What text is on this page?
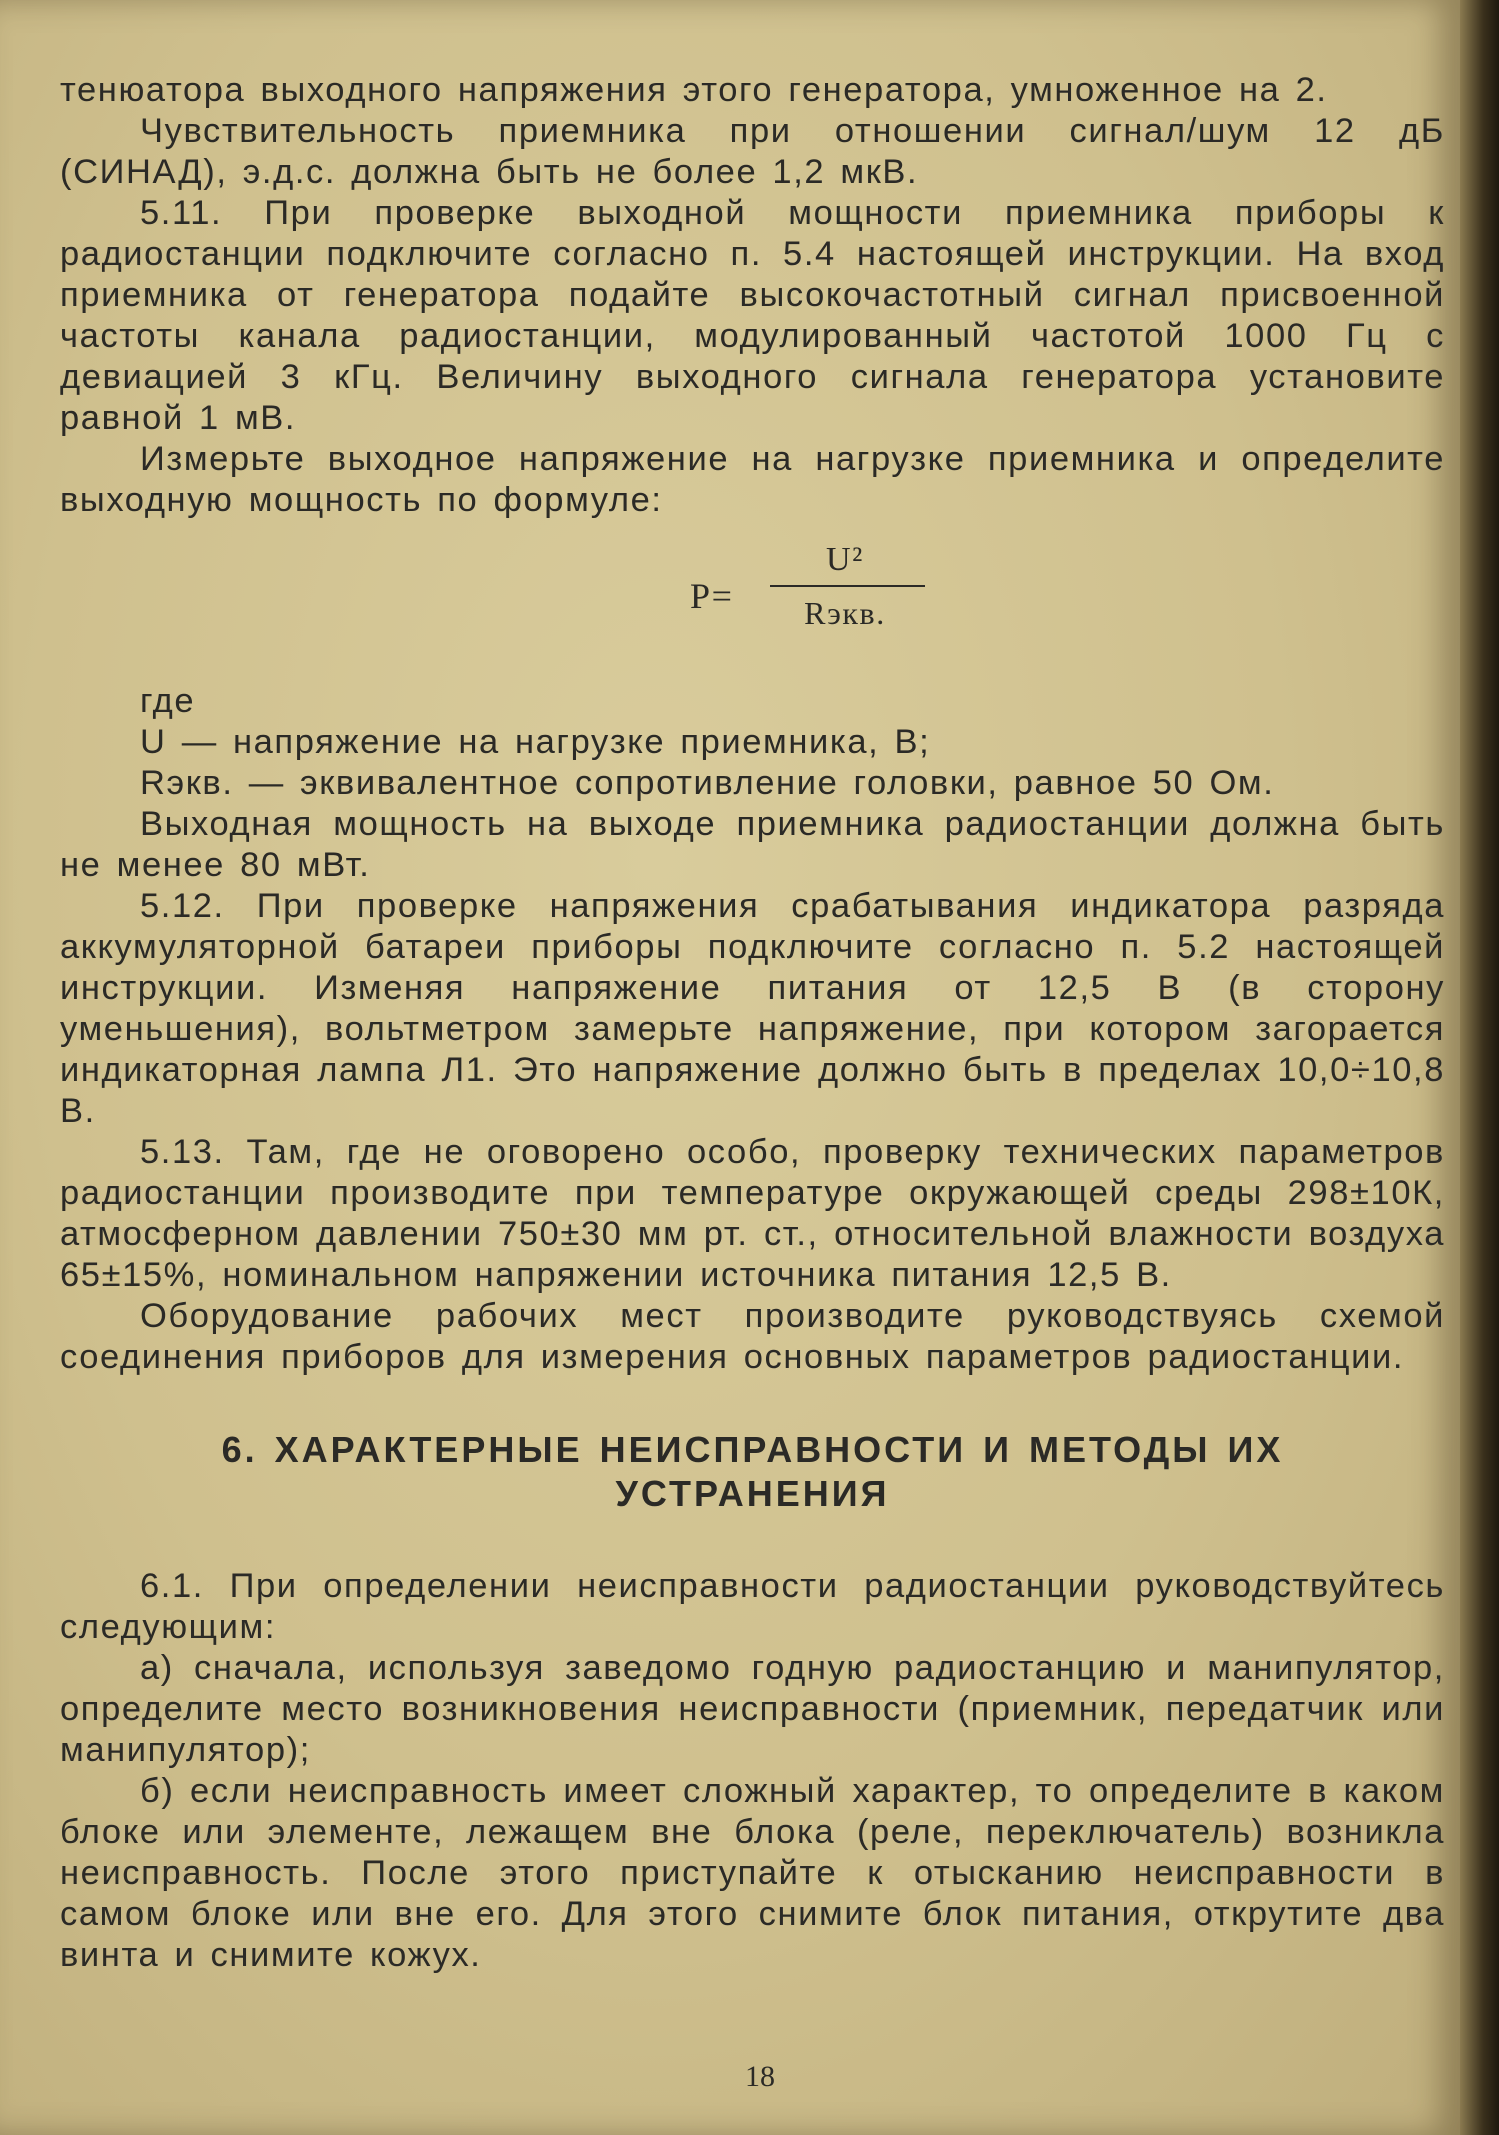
тенюатора выходного напряжения этого генератора, умноженное на 2.

Чувствительность приемника при отношении сигнал/шум 12 дБ (СИНАД), э.д.с. должна быть не более 1,2 мкВ.

5.11. При проверке выходной мощности приемника приборы к радиостанции подключите согласно п. 5.4 настоящей инструкции. На вход приемника от генератора подайте высокочастотный сигнал присвоенной частоты канала радиостанции, модулированный частотой 1000 Гц с девиацией 3 кГц. Величину выходного сигнала генератора установите равной 1 мВ.

Измерьте выходное напряжение на нагрузке приемника и определите выходную мощность по формуле:

P=
U²
Rэкв.

где

U — напряжение на нагрузке приемника, В;

Rэкв. — эквивалентное сопротивление головки, равное 50 Ом.

Выходная мощность на выходе приемника радиостанции должна быть не менее 80 мВт.

5.12. При проверке напряжения срабатывания индикатора разряда аккумуляторной батареи приборы подключите согласно п. 5.2 настоящей инструкции. Изменяя напряжение питания от 12,5 В (в сторону уменьшения), вольтметром замерьте напряжение, при котором загорается индикаторная лампа Л1. Это напряжение должно быть в пределах 10,0÷10,8 В.

5.13. Там, где не оговорено особо, проверку технических параметров радиостанции производите при температуре окружающей среды 298±10К, атмосферном давлении 750±30 мм рт. ст., относительной влажности воздуха 65±15%, номинальном напряжении источника питания 12,5 В.

Оборудование рабочих мест производите руководствуясь схемой соединения приборов для измерения основных параметров радиостанции.

6. ХАРАКТЕРНЫЕ НЕИСПРАВНОСТИ И МЕТОДЫ ИХ
УСТРАНЕНИЯ

6.1. При определении неисправности радиостанции руководствуйтесь следующим:

а) сначала, используя заведомо годную радиостанцию и манипулятор, определите место возникновения неисправности (приемник, передатчик или манипулятор);

б) если неисправность имеет сложный характер, то определите в каком блоке или элементе, лежащем вне блока (реле, переключатель) возникла неисправность. После этого приступайте к отысканию неисправности в самом блоке или вне его. Для этого снимите блок питания, открутите два винта и снимите кожух.

18
